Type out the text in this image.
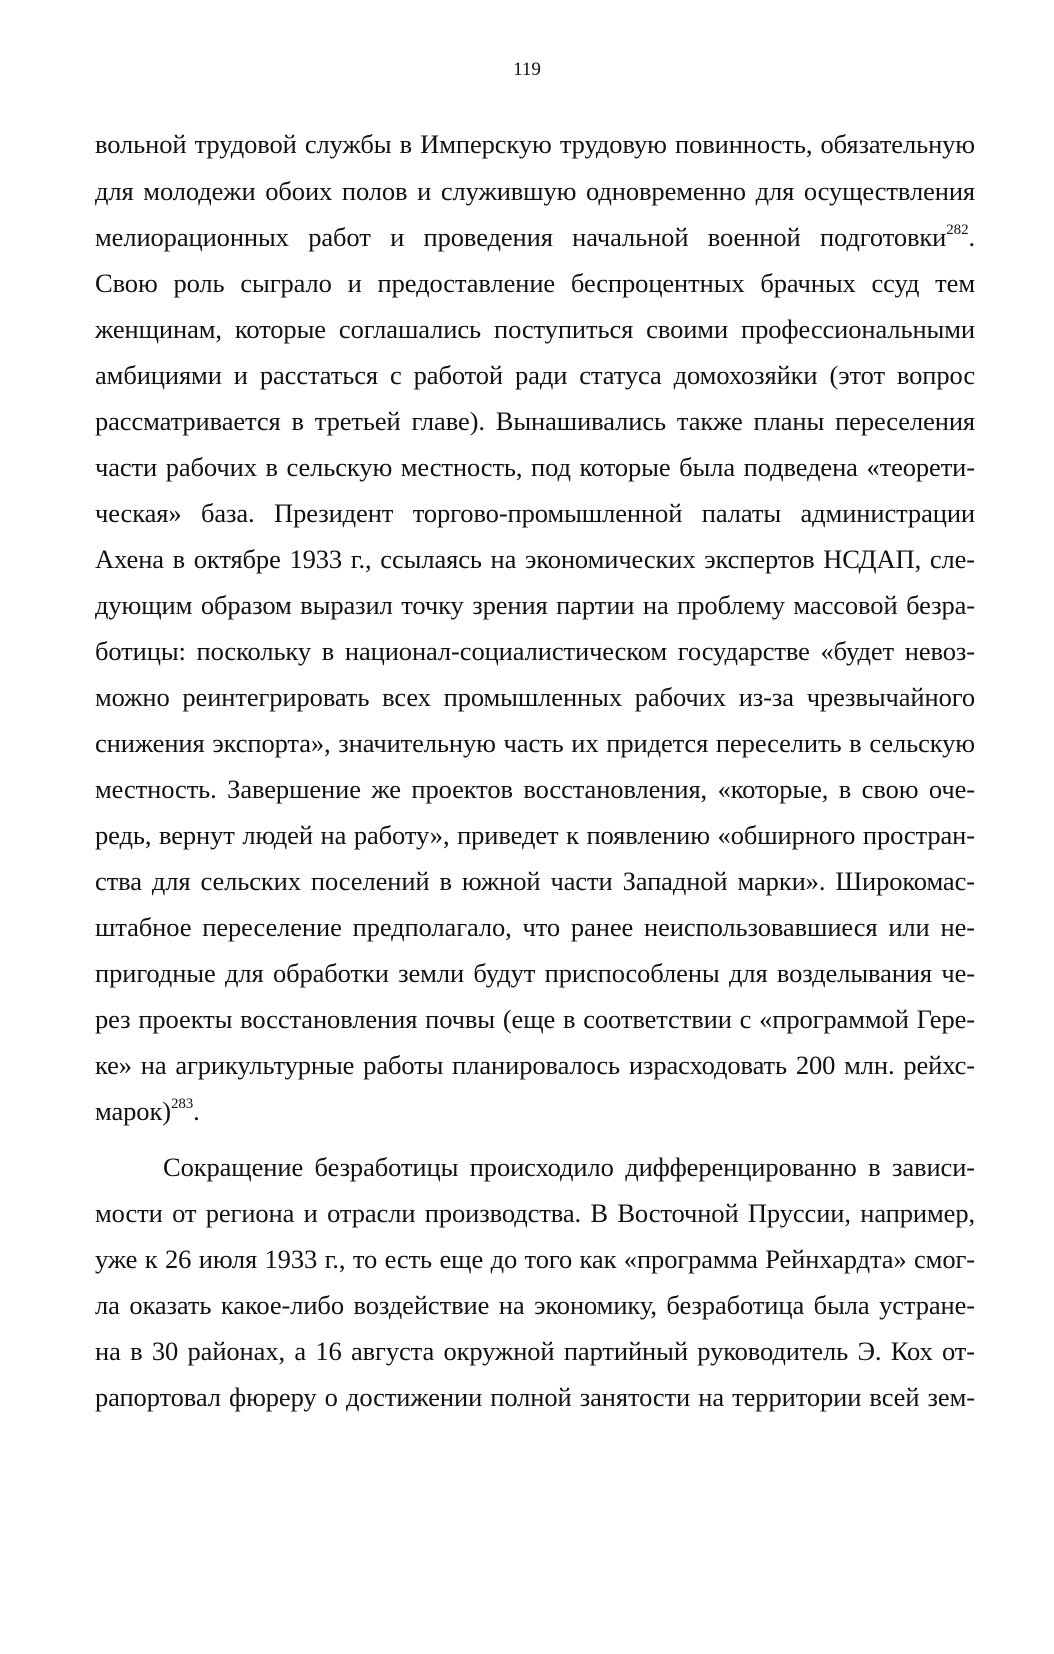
119
вольной трудовой службы в Имперскую трудовую повинность, обязательную
для молодежи обоих полов и служившую одновременно для осуществления
мелиорационных работ и проведения начальной военной подготовки$^{282}$.
Свою роль сыграло и предоставление беспроцентных брачных ссуд тем
женщинам, которые соглашались поступиться своими профессиональными
амбициями и расстаться с работой ради статуса домохозяйки (этот вопрос
рассматривается в третьей главе). Вынашивались также планы переселения
части рабочих в сельскую местность, под которые была подведена «теорети-
ческая» база. Президент торгово-промышленной палаты администрации
Ахена в октябре 1933 г., ссылаясь на экономических экспертов НСДАП, сле-
дующим образом выразил точку зрения партии на проблему массовой безра-
ботицы: поскольку в национал-социалистическом государстве «будет невоз-
можно реинтегрировать всех промышленных рабочих из-за чрезвычайного
снижения экспорта», значительную часть их придется переселить в сельскую
местность. Завершение же проектов восстановления, «которые, в свою оче-
редь, вернут людей на работу», приведет к появлению «обширного простран-
ства для сельских поселений в южной части Западной марки». Широкомас-
штабное переселение предполагало, что ранее неиспользовавшиеся или не-
пригодные для обработки земли будут приспособлены для возделывания че-
рез проекты восстановления почвы (еще в соответствии с «программой Гере-
ке» на агрикультурные работы планировалось израсходовать 200 млн. рейхс-
марок)$^{283}$.
Сокращение безработицы происходило дифференцированно в зависи-
мости от региона и отрасли производства. В Восточной Пруссии, например,
уже к 26 июля 1933 г., то есть еще до того как «программа Рейнхардта» смог-
ла оказать какое-либо воздействие на экономику, безработица была устране-
на в 30 районах, а 16 августа окружной партийный руководитель Э. Кох от-
рапортовал фюреру о достижении полной занятости на территории всей зем-
